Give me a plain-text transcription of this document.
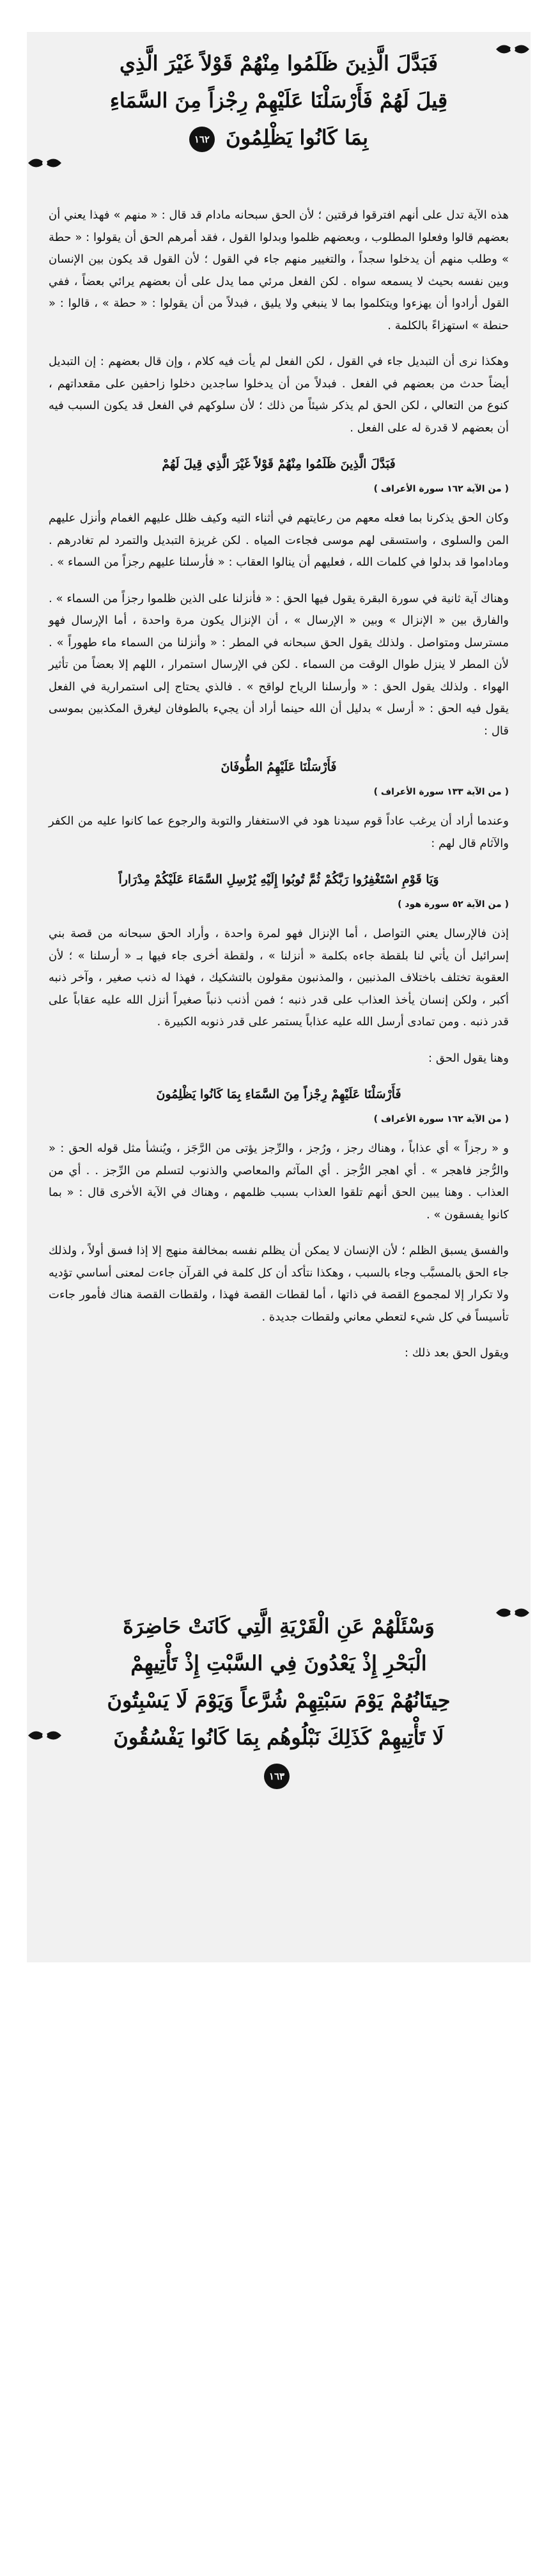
فَبَدَّلَ الَّذِينَ ظَلَمُوا مِنْهُمْ قَوْلاً غَيْرَ الَّذِي
قِيلَ لَهُمْ فَأَرْسَلْنَا عَلَيْهِمْ رِجْزاً مِنَ السَّمَاءِ
بِمَا كَانُوا يَظْلِمُونَ ١٦٢

هذه الآية تدل على أنهم افترقوا فرقتين ؛ لأن الحق سبحانه مادام قد قال : « منهم » فهذا يعني أن بعضهم قالوا وفعلوا المطلوب ، وبعضهم ظلموا وبدلوا القول ، فقد أمرهم الحق أن يقولوا : « حطة » وطلب منهم أن يدخلوا سجداً ، والتغيير منهم جاء في القول ؛ لأن القول قد يكون بين الإنسان وبين نفسه بحيث لا يسمعه سواه . لكن الفعل مرئي مما يدل على أن بعضهم يرائي بعضاً ، ففي القول أرادوا أن يهزءوا ويتكلموا بما لا ينبغي ولا يليق ، فبدلاً من أن يقولوا : « حطة » ، قالوا : « حنطة » استهزاءً بالكلمة .

وهكذا نرى أن التبديل جاء في القول ، لكن الفعل لم يأت فيه كلام ، وإن قال بعضهم : إن التبديل أيضاً حدث من بعضهم في الفعل . فبدلاً من أن يدخلوا ساجدين دخلوا زاحفين على مقعداتهم ، كنوع من التعالي ، لكن الحق لم يذكر شيئاً من ذلك ؛ لأن سلوكهم في الفعل قد يكون السبب فيه أن بعضهم لا قدرة له على الفعل .

فَبَدَّلَ الَّذِينَ ظَلَمُوا مِنْهُمْ قَوْلاً غَيْرَ الَّذِي قِيلَ لَهُمْ
( من الآية ١٦٢ سورة الأعراف )

وكان الحق يذكرنا بما فعله معهم من رعايتهم في أثناء التيه وكيف ظلل عليهم الغمام وأنزل عليهم المن والسلوى ، واستسقى لهم موسى فجاءت المياه . لكن غريزة التبديل والتمرد لم تغادرهم . وماداموا قد بدلوا في كلمات الله ، فعليهم أن ينالوا العقاب : « فأرسلنا عليهم رجزاً من السماء » .

وهناك آية ثانية في سورة البقرة يقول فيها الحق : « فأنزلنا على الذين ظلموا رجزاً من السماء » . والفارق بين « الإنزال » وبين « الإرسال » ، أن الإنزال يكون مرة واحدة ، أما الإرسال فهو مسترسل ومتواصل . ولذلك يقول الحق سبحانه في المطر : « وأنزلنا من السماء ماء طهوراً » . لأن المطر لا ينزل طوال الوقت من السماء . لكن في الإرسال استمرار ، اللهم إلا بعضاً من تأثير الهواء . ولذلك يقول الحق : « وأرسلنا الرياح لواقح » . فالذي يحتاج إلى استمرارية في الفعل يقول فيه الحق : « أرسل » بدليل أن الله حينما أراد أن يجيء بالطوفان ليغرق المكذبين بموسى قال :

فَأَرْسَلْنَا عَلَيْهِمُ الطُّوفَانَ
( من الآية ١٣٣ سورة الأعراف )

وعندما أراد أن يرغب عاداً قوم سيدنا هود في الاستغفار والتوبة والرجوع عما كانوا عليه من الكفر والآثام قال لهم :

وَيَا قَوْمِ اسْتَغْفِرُوا رَبَّكُمْ ثُمَّ تُوبُوا إِلَيْهِ يُرْسِلِ السَّمَاءَ عَلَيْكُمْ مِدْرَاراً
( من الآية ٥٢ سورة هود )

إذن فالإرسال يعني التواصل ، أما الإنزال فهو لمرة واحدة ، وأراد الحق سبحانه من قصة بني إسرائيل أن يأتي لنا بلقطة جاءه بكلمة « أنزلنا » ، ولقطة أخرى جاء فيها بـ « أرسلنا » ؛ لأن العقوبة تختلف باختلاف المذنبين ، والمذنبون مقولون بالتشكيك ، فهذا له ذنب صغير ، وآخر ذنبه أكبر ، ولكن إنسان يأخذ العذاب على قدر ذنبه ؛ فمن أذنب ذنباً صغيراً أنزل الله عليه عقاباً على قدر ذنبه . ومن تمادى أرسل الله عليه عذاباً يستمر على قدر ذنوبه الكبيرة .

وهنا يقول الحق :

فَأَرْسَلْنَا عَلَيْهِمْ رِجْزاً مِنَ السَّمَاءِ بِمَا كَانُوا يَظْلِمُونَ
( من الآية ١٦٢ سورة الأعراف )

و « رجزاً » أي عذاباً ، وهناك رجز ، ورُجز ، والرِّجز يؤتى من الرَّجَز ، ويُنشأ مثل قوله الحق : « والرُّجز فاهجر » . أي اهجر الرُّجز . أي المآثم والمعاصي والذنوب لتسلم من الرِّجز . . أي من العذاب . وهنا يبين الحق أنهم تلقوا العذاب بسبب ظلمهم ، وهناك في الآية الأخرى قال : « بما كانوا يفسقون » .

والفسق يسبق الظلم ؛ لأن الإنسان لا يمكن أن يظلم نفسه بمخالفة منهج إلا إذا فسق أولاً ، ولذلك جاء الحق بالمسبَّب وجاء بالسبب ، وهكذا نتأكد أن كل كلمة في القرآن جاءت لمعنى أساسي تؤديه ولا تكرار إلا لمجموع القصة في ذاتها ، أما لقطات القصة فهذا ، ولقطات القصة هناك فأمور جاءت تأسيساً في كل شيء لتعطي معاني ولقطات جديدة .

ويقول الحق بعد ذلك :

وَسْئَلْهُمْ عَنِ الْقَرْيَةِ الَّتِي كَانَتْ حَاضِرَةَ
الْبَحْرِ إِذْ يَعْدُونَ فِي السَّبْتِ إِذْ تَأْتِيهِمْ
حِيتَانُهُمْ يَوْمَ سَبْتِهِمْ شُرَّعاً وَيَوْمَ لَا يَسْبِتُونَ
لَا تَأْتِيهِمْ كَذَلِكَ نَبْلُوهُم بِمَا كَانُوا يَفْسُقُونَ
١٦٣
